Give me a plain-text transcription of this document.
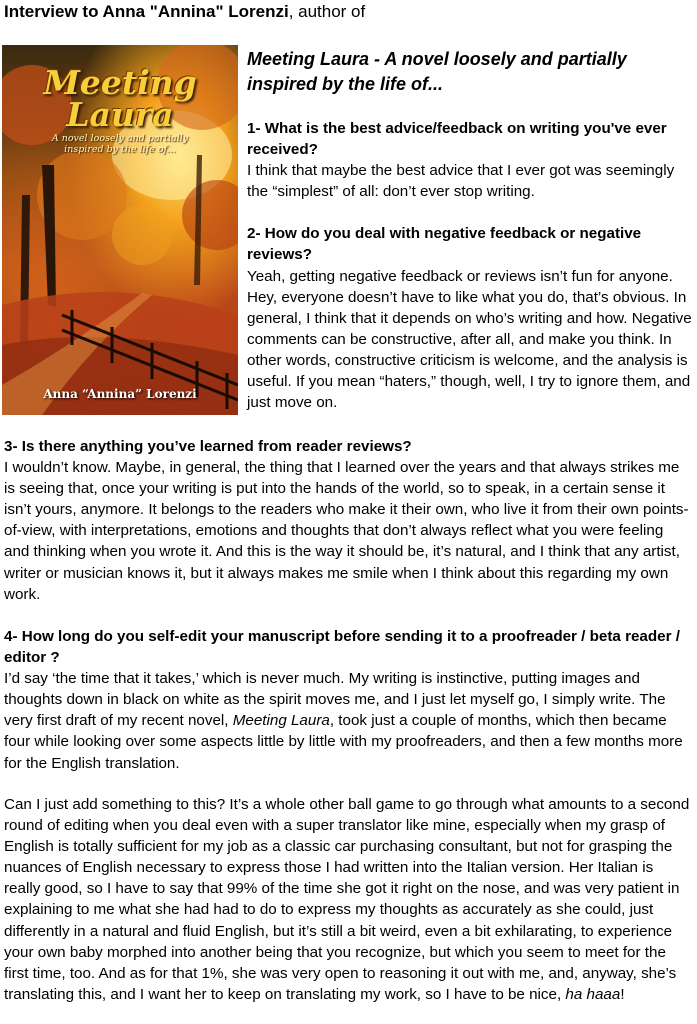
Interview to Anna "Annina" Lorenzi, author of
Meeting
Laura
A novel loosely and partially inspired by the life of...
Anna “Annina” Lorenzi

Meeting Laura - A novel loosely and partially inspired by the life of...

1- What is the best advice/feedback on writing you've ever received?

I think that maybe the best advice that I ever got was seemingly the “simplest” of all: don’t ever stop writing.

2- How do you deal with negative feedback or negative reviews?

Yeah, getting negative feedback or reviews isn’t fun for anyone. Hey, everyone doesn’t have to like what you do, that’s obvious. In general, I think that it depends on who’s writing and how. Negative comments can be constructive, after all, and make you think. In other words, constructive criticism is welcome, and the analysis is useful. If you mean “haters,” though, well, I try to ignore them, and just move on.

3- Is there anything you’ve learned from reader reviews?

I wouldn’t know. Maybe, in general, the thing that I learned over the years and that always strikes me is seeing that, once your writing is put into the hands of the world, so to speak, in a certain sense it isn’t yours, anymore. It belongs to the readers who make it their own, who live it from their own points-of-view, with interpretations, emotions and thoughts that don’t always reflect what you were feeling and thinking when you wrote it. And this is the way it should be, it’s natural, and I think that any artist, writer or musician knows it, but it always makes me smile when I think about this regarding my own work.

4- How long do you self-edit your manuscript before sending it to a proofreader / beta reader / editor ?

I’d say ‘the time that it takes,’ which is never much. My writing is instinctive, putting images and thoughts down in black on white as the spirit moves me, and I just let myself go, I simply write. The very first draft of my recent novel, Meeting Laura, took just a couple of months, which then became four while looking over some aspects little by little with my proofreaders, and then a few months more for the English translation.

Can I just add something to this? It’s a whole other ball game to go through what amounts to a second round of editing when you deal even with a super translator like mine, especially when my grasp of English is totally sufficient for my job as a classic car purchasing consultant, but not for grasping the nuances of English necessary to express those I had written into the Italian version. Her Italian is really good, so I have to say that 99% of the time she got it right on the nose, and was very patient in explaining to me what she had had to do to express my thoughts as accurately as she could, just differently in a natural and fluid English, but it’s still a bit weird, even a bit exhilarating, to experience your own baby morphed into another being that you recognize, but which you seem to meet for the first time, too. And as for that 1%, she was very open to reasoning it out with me, and, anyway, she’s translating this, and I want her to keep on translating my work, so I have to be nice, ha haaa!
